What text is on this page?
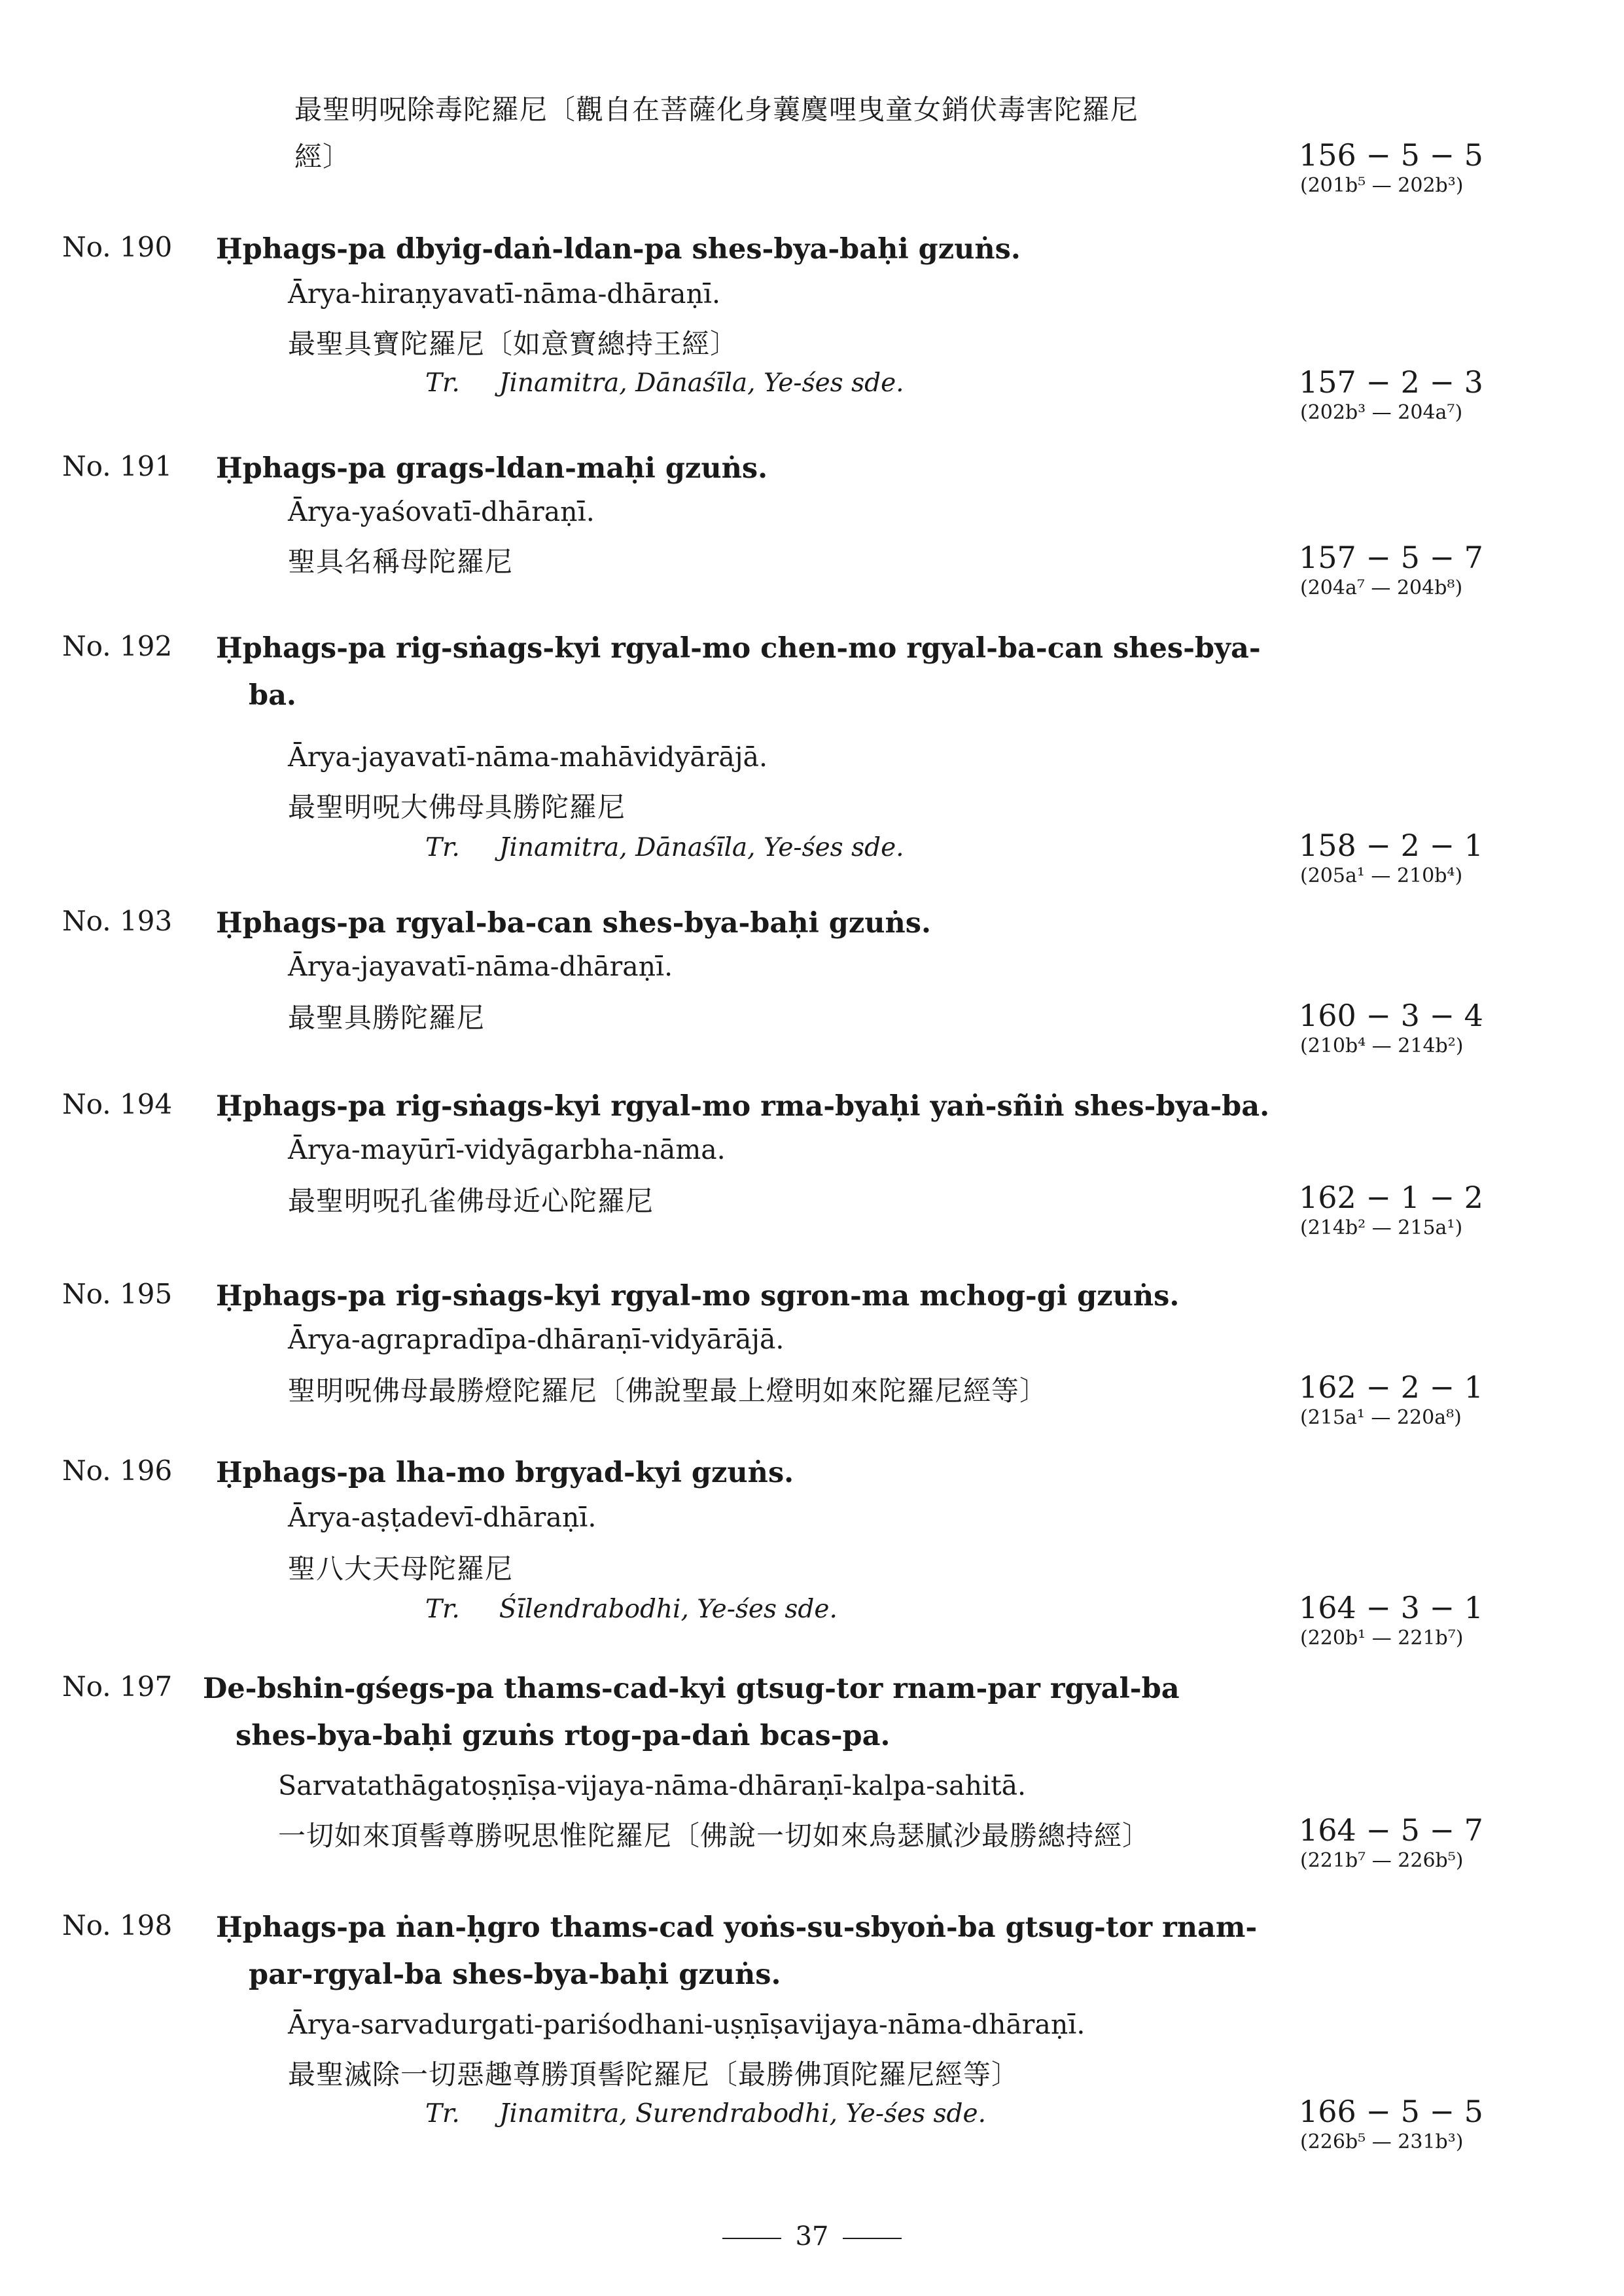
最聖明呪除毒陀羅尼〔觀自在菩薩化身蘘麌哩曳童女銷伏毒害陀羅尼
經〕	156 − 5 − 5
(201b⁵ — 202b³)
No. 190 Ḥphags-pa dbyig-daṅ-ldan-pa shes-bya-baḥi gzuṅs.
Ārya-hiraṇyavatī-nāma-dhāraṇī.
最聖具寶陀羅尼〔如意寶總持王經〕
Tr. Jinamitra, Dānaśīla, Ye-śes sde.	157 − 2 − 3
(202b³ — 204a⁷)
No. 191 Ḥphags-pa grags-ldan-maḥi gzuṅs.
Ārya-yaśovatī-dhāraṇī.
聖具名稱母陀羅尼	157 − 5 − 7
(204a⁷ — 204b⁸)
No. 192 Ḥphags-pa rig-sṅags-kyi rgyal-mo chen-mo rgyal-ba-can shes-bya-
ba.
Ārya-jayavatī-nāma-mahāvidyārājā.
最聖明呪大佛母具勝陀羅尼
Tr. Jinamitra, Dānaśīla, Ye-śes sde.	158 − 2 − 1
(205a¹ — 210b⁴)
No. 193 Ḥphags-pa rgyal-ba-can shes-bya-baḥi gzuṅs.
Ārya-jayavatī-nāma-dhāraṇī.
最聖具勝陀羅尼	160 − 3 − 4
(210b⁴ — 214b²)
No. 194 Ḥphags-pa rig-sṅags-kyi rgyal-mo rma-byaḥi yaṅ-sñiṅ shes-bya-ba.
Ārya-mayūrī-vidyāgarbha-nāma.
最聖明呪孔雀佛母近心陀羅尼	162 − 1 − 2
(214b² — 215a¹)
No. 195 Ḥphags-pa rig-sṅags-kyi rgyal-mo sgron-ma mchog-gi gzuṅs.
Ārya-agrapradīpa-dhāraṇī-vidyārājā.
聖明呪佛母最勝燈陀羅尼〔佛說聖最上燈明如來陀羅尼經等〕	162 − 2 − 1
(215a¹ — 220a⁸)
No. 196 Ḥphags-pa lha-mo brgyad-kyi gzuṅs.
Ārya-aṣṭadevī-dhāraṇī.
聖八大天母陀羅尼
Tr. Śīlendrabodhi, Ye-śes sde.	164 − 3 − 1
(220b¹ — 221b⁷)
No. 197 De-bshin-gśegs-pa thams-cad-kyi gtsug-tor rnam-par rgyal-ba
shes-bya-baḥi gzuṅs rtog-pa-daṅ bcas-pa.
Sarvatathāgatoṣṇīṣa-vijaya-nāma-dhāraṇī-kalpa-sahitā.
一切如來頂髻尊勝呪思惟陀羅尼〔佛說一切如來烏瑟膩沙最勝總持經〕	164 − 5 − 7
(221b⁷ — 226b⁵)
No. 198 Ḥphags-pa ṅan-ḥgro thams-cad yoṅs-su-sbyoṅ-ba gtsug-tor rnam-
par-rgyal-ba shes-bya-baḥi gzuṅs.
Ārya-sarvadurgati-pariśodhani-uṣṇīṣavijaya-nāma-dhāraṇī.
最聖滅除一切惡趣尊勝頂髻陀羅尼〔最勝佛頂陀羅尼經等〕
Tr. Jinamitra, Surendrabodhi, Ye-śes sde.	166 − 5 − 5
(226b⁵ — 231b³)
37
